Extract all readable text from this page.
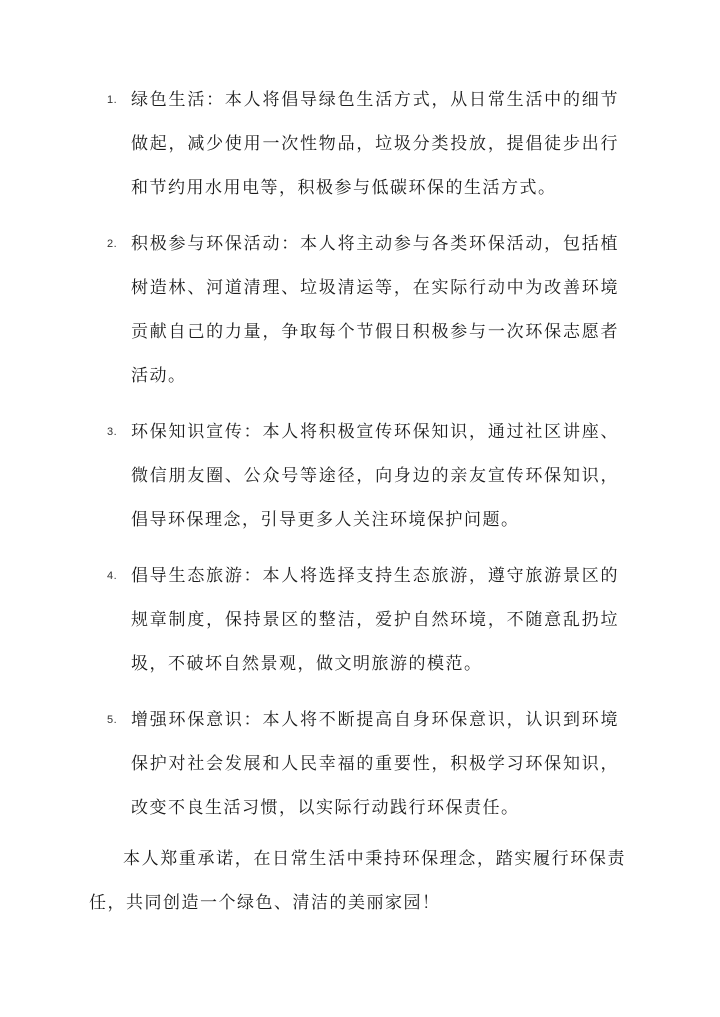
1. 绿色生活：本人将倡导绿色生活方式，从日常生活中的细节做起，减少使用一次性物品，垃圾分类投放，提倡徒步出行和节约用水用电等，积极参与低碳环保的生活方式。
2. 积极参与环保活动：本人将主动参与各类环保活动，包括植树造林、河道清理、垃圾清运等，在实际行动中为改善环境贡献自己的力量，争取每个节假日积极参与一次环保志愿者活动。
3. 环保知识宣传：本人将积极宣传环保知识，通过社区讲座、微信朋友圈、公众号等途径，向身边的亲友宣传环保知识，倡导环保理念，引导更多人关注环境保护问题。
4. 倡导生态旅游：本人将选择支持生态旅游，遵守旅游景区的规章制度，保持景区的整洁，爱护自然环境，不随意乱扔垃圾，不破坏自然景观，做文明旅游的模范。
5. 增强环保意识：本人将不断提高自身环保意识，认识到环境保护对社会发展和人民幸福的重要性，积极学习环保知识，改变不良生活习惯，以实际行动践行环保责任。

本人郑重承诺，在日常生活中秉持环保理念，踏实履行环保责任，共同创造一个绿色、清洁的美丽家园！
